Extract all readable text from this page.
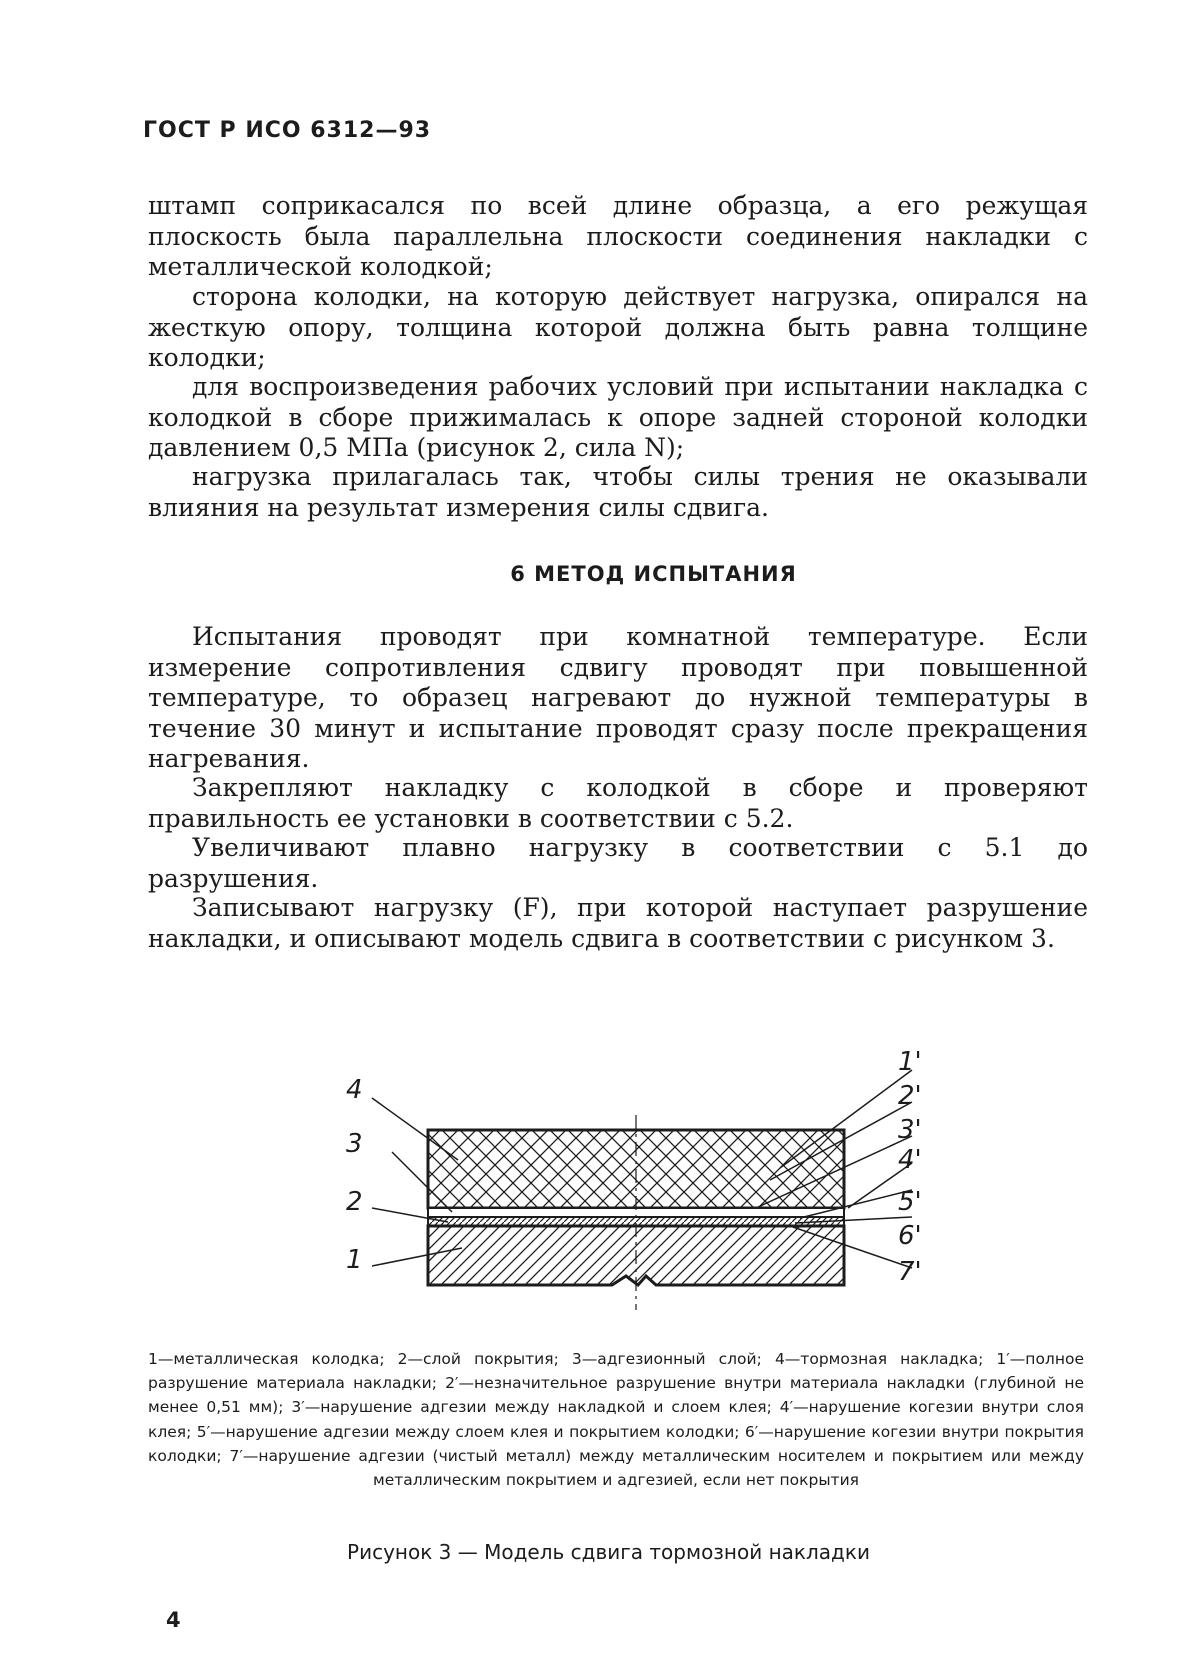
ГОСТ Р ИСО 6312—93

штамп соприкасался по всей длине образца, а его режущая плоскость была параллельна плоскости соединения накладки с металлической колодкой;

сторона колодки, на которую действует нагрузка, опирался на жесткую опору, толщина которой должна быть равна толщине колодки;

для воспроизведения рабочих условий при испытании накладка с колодкой в сборе прижималась к опоре задней стороной колодки давлением 0,5 МПа (рисунок 2, сила N);

нагрузка прилагалась так, чтобы силы трения не оказывали влияния на результат измерения силы сдвига.

6 МЕТОД ИСПЫТАНИЯ

Испытания проводят при комнатной температуре. Если измерение сопротивления сдвигу проводят при повышенной температуре, то образец нагревают до нужной температуры в течение 30 минут и испытание проводят сразу после прекращения нагревания.

Закрепляют накладку с колодкой в сборе и проверяют правильность ее установки в соответствии с 5.2.

Увеличивают плавно нагрузку в соответствии с 5.1 до разрушения.

Записывают нагрузку (F), при которой наступает разрушение накладки, и описывают модель сдвига в соответствии с рисунком 3.

4
3
2
1
1'
2'
3'
4'
5'
6'
7'

1—металлическая колодка; 2—слой покрытия; 3—адгезионный слой; 4—тормозная накладка; 1′—полное разрушение материала накладки; 2′—незначительное разрушение внутри материала накладки (глубиной не менее 0,51 мм); 3′—нарушение адгезии между накладкой и слоем клея; 4′—нарушение когезии внутри слоя клея; 5′—нарушение адгезии между слоем клея и покрытием колодки; 6′—нарушение когезии внутри покрытия колодки; 7′—нарушение адгезии (чистый металл) между металлическим носителем и покрытием или между металлическим покрытием и адгезией, если нет покрытия

Рисунок 3 — Модель сдвига тормозной накладки
4
